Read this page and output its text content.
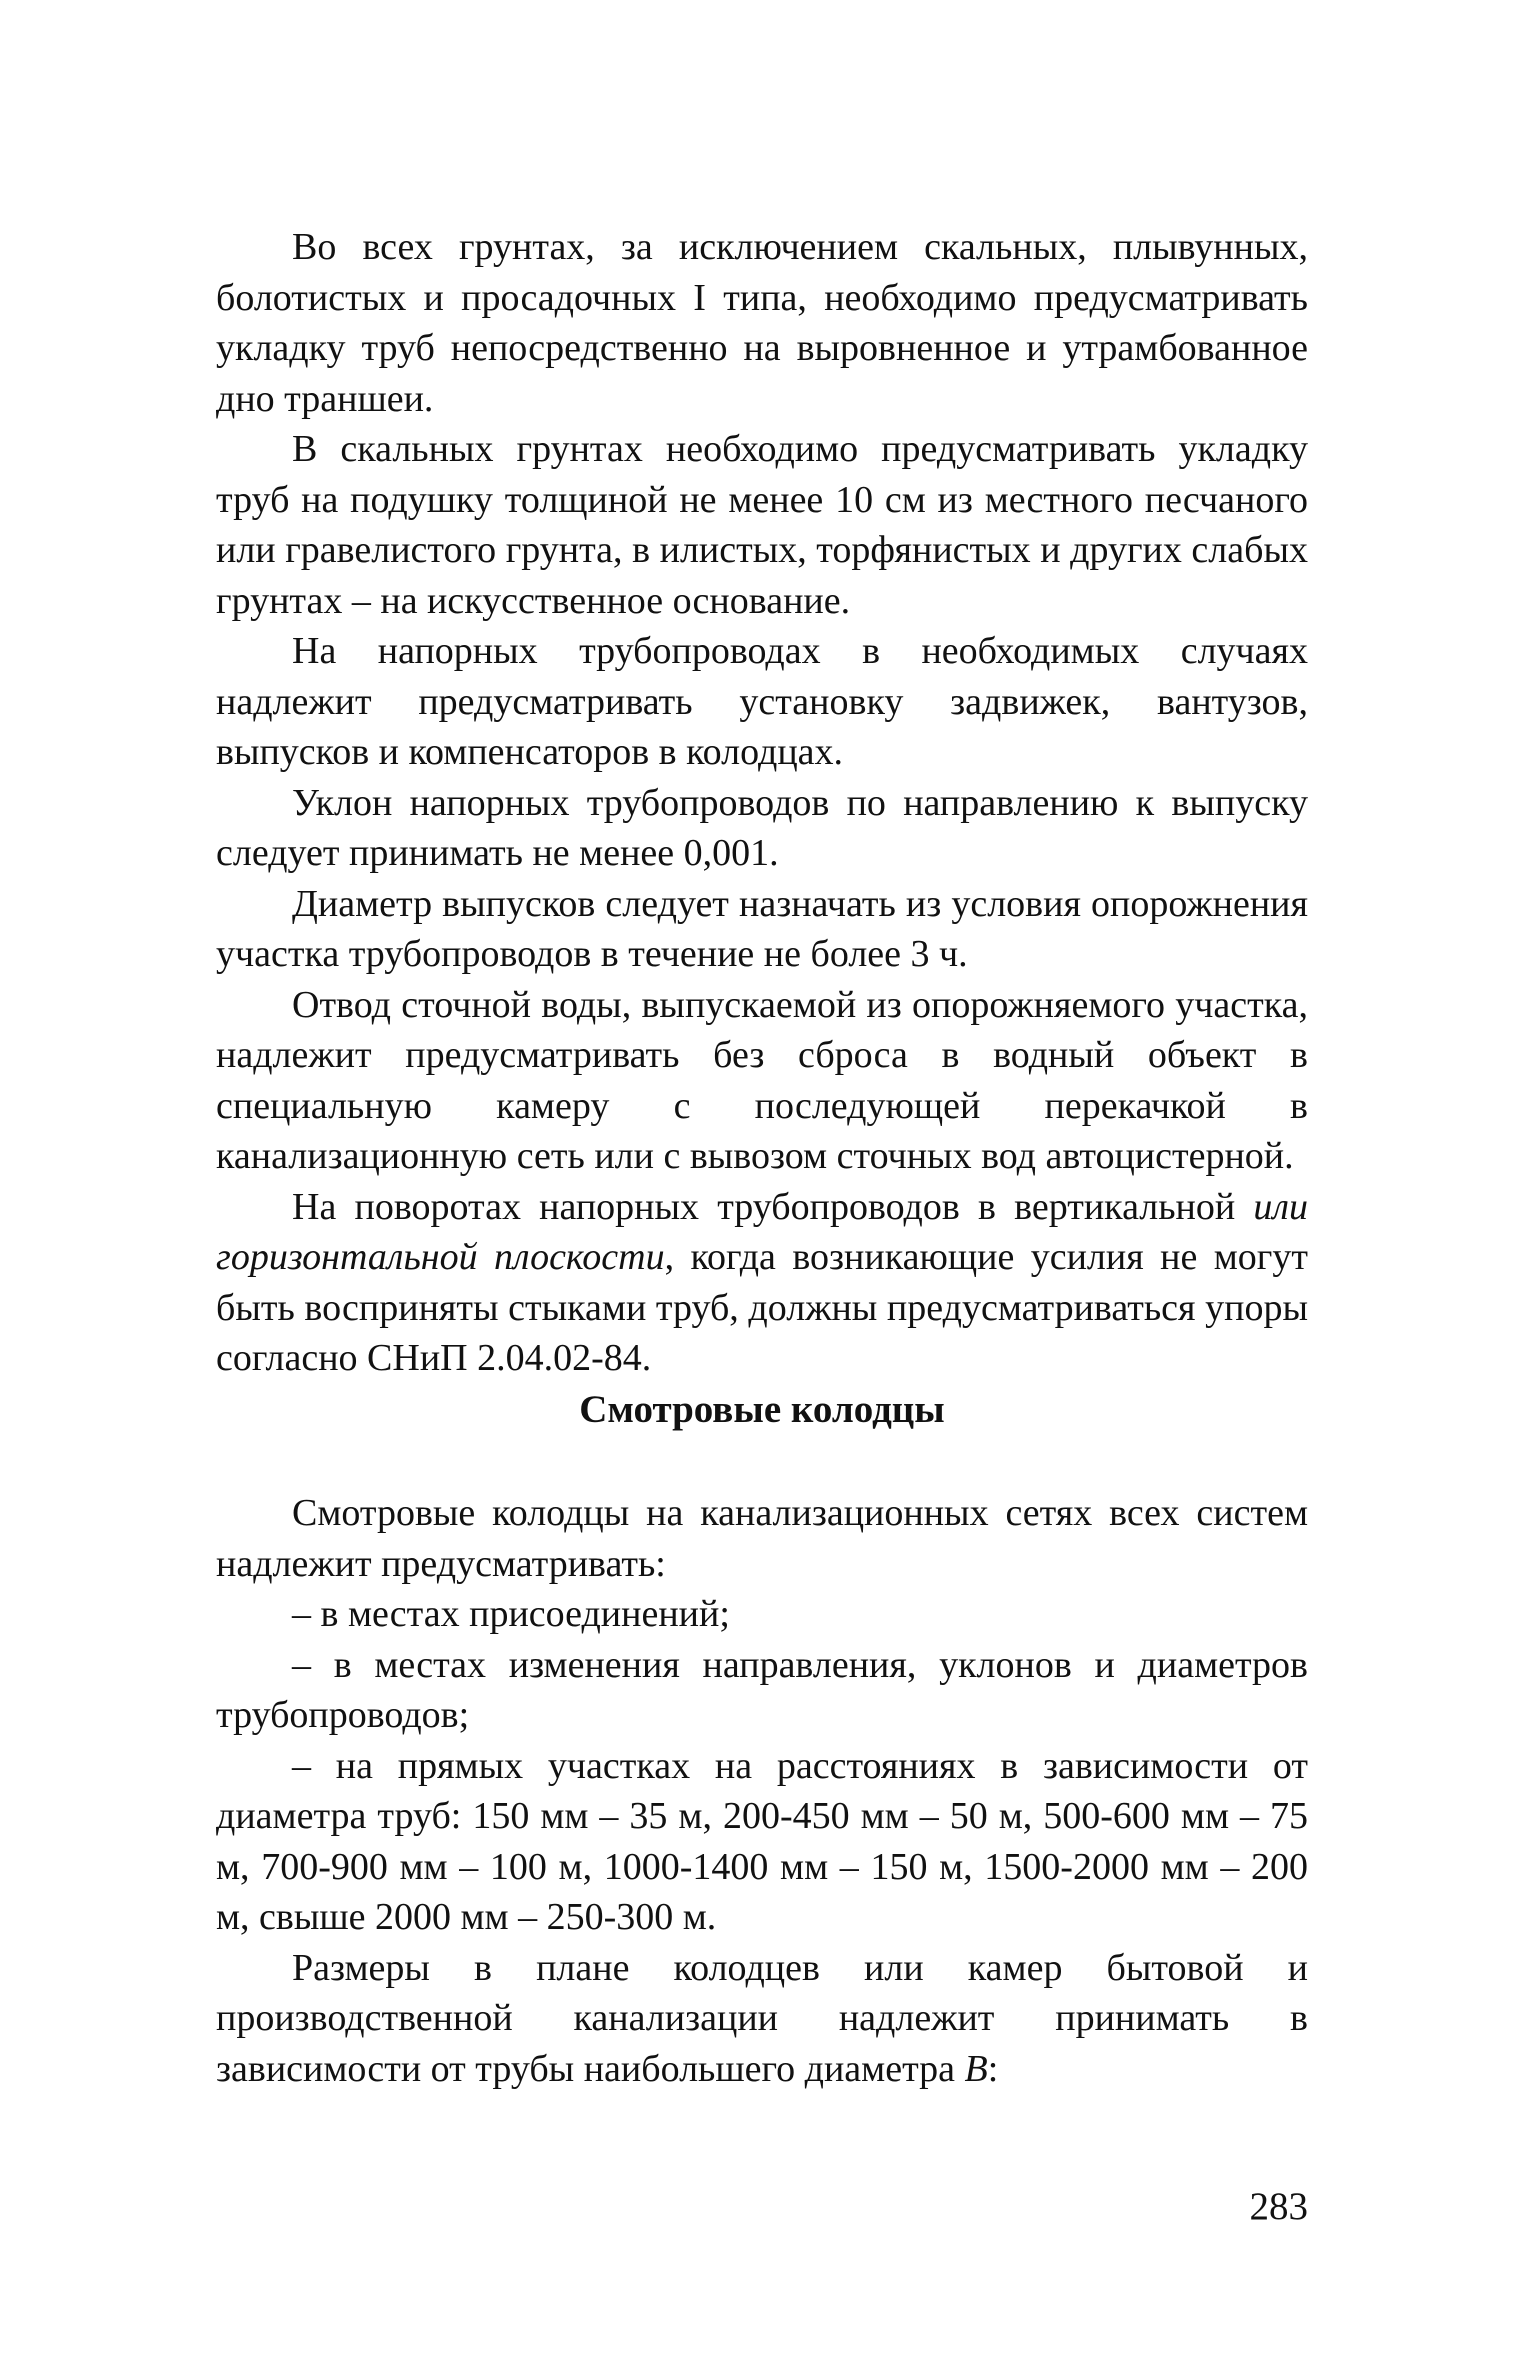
Во всех грунтах, за исключением скальных, плывунных, болотистых и просадочных I типа, необходимо предусматривать укладку труб непосредственно на выровненное и утрамбованное дно траншеи.

В скальных грунтах необходимо предусматривать укладку труб на подушку толщиной не менее 10 см из местного песчаного или гравелистого грунта, в илистых, торфянистых и других слабых грунтах – на искусственное основание.

На напорных трубопроводах в необходимых случаях надлежит предусматривать установку задвижек, вантузов, выпусков и компенсаторов в колодцах.

Уклон напорных трубопроводов по направлению к выпуску следует принимать не менее 0,001.

Диаметр выпусков следует назначать из условия опорожнения участка трубопроводов в течение не более 3 ч.

Отвод сточной воды, выпускаемой из опорожняемого участка, надлежит предусматривать без сброса в водный объект в специальную камеру с последующей перекачкой в канализационную сеть или с вывозом сточных вод автоцистерной.

На поворотах напорных трубопроводов в вертикальной или горизонтальной плоскости, когда возникающие усилия не могут быть восприняты стыками труб, должны предусматриваться упоры согласно СНиП 2.04.02-84.

Смотровые колодцы

Смотровые колодцы на канализационных сетях всех систем надлежит предусматривать:

– в местах присоединений;

– в местах изменения направления, уклонов и диаметров трубопроводов;

– на прямых участках на расстояниях в зависимости от диаметра труб: 150 мм – 35 м, 200-450 мм – 50 м, 500-600 мм – 75 м, 700-900 мм – 100 м, 1000-1400 мм – 150 м, 1500-2000 мм – 200 м, свыше 2000 мм – 250-300 м.

Размеры в плане колодцев или камер бытовой и производственной канализации надлежит принимать в зависимости от трубы наибольшего диаметра B:

283
